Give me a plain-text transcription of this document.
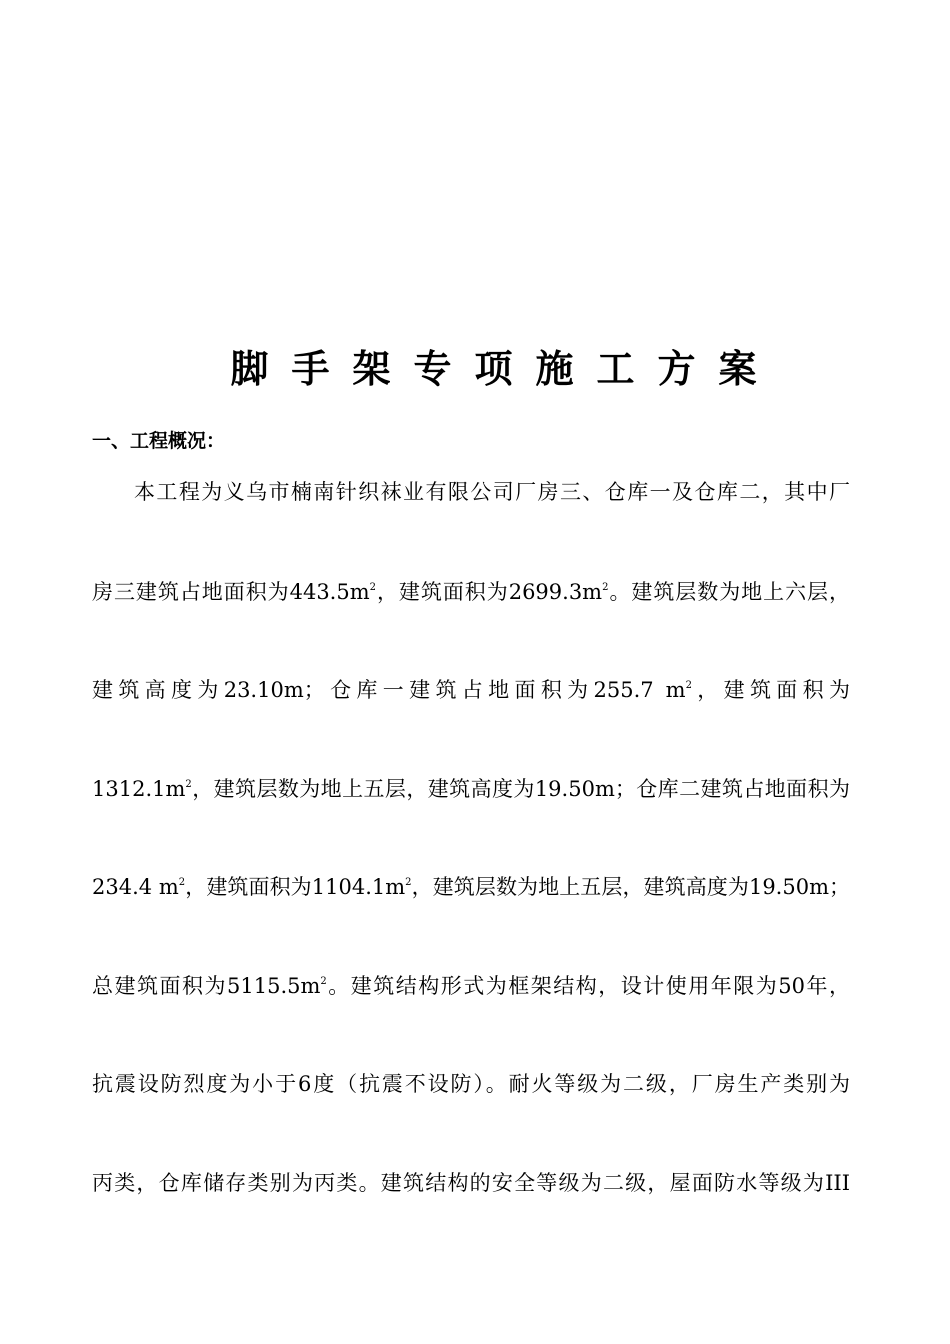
脚手架专项施工方案
一、工程概况：
本工程为义乌市楠南针织袜业有限公司厂房三、仓库一及仓库二，其中厂
房三建筑占地面积为$443.5m^2$，建筑面积为$2699.3m^2$。建筑层数为地上六层，
建筑高度为23.10m；仓库一建筑占地面积为255.7 $m^2$，建筑面积为
$1312.1m^2$，建筑层数为地上五层，建筑高度为19.50m；仓库二建筑占地面积为
234.4 $m^2$，建筑面积为$1104.1m^2$，建筑层数为地上五层，建筑高度为19.50m；
总建筑面积为$5115.5m^2$。建筑结构形式为框架结构，设计使用年限为50年，
抗震设防烈度为小于6度（抗震不设防）。耐火等级为二级，厂房生产类别为
丙类，仓库储存类别为丙类。建筑结构的安全等级为二级，屋面防水等级为III
